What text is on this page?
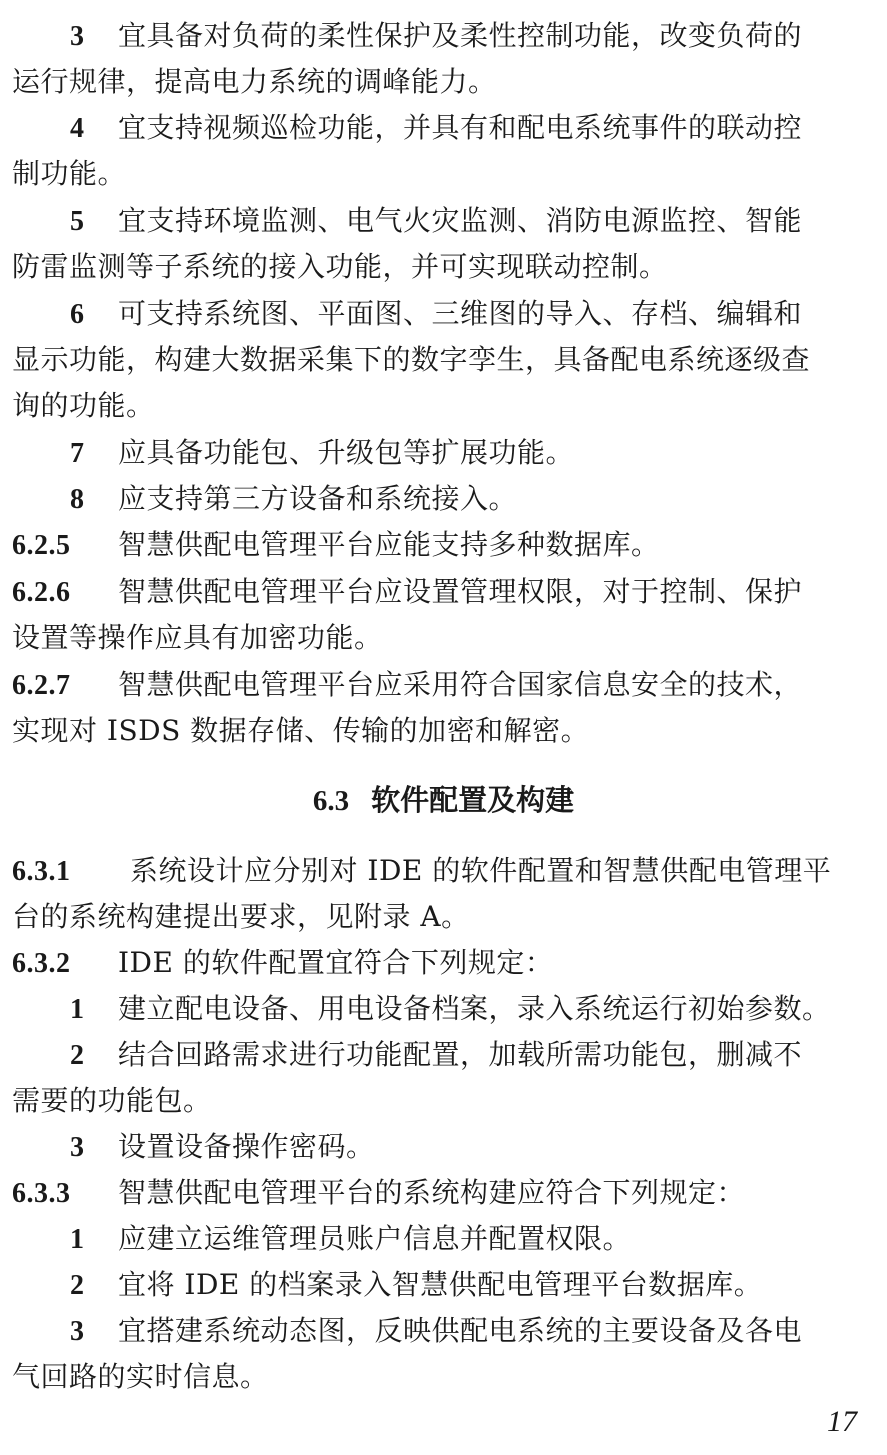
3 宜具备对负荷的柔性保护及柔性控制功能，改变负荷的
运行规律，提高电力系统的调峰能力。
4 宜支持视频巡检功能，并具有和配电系统事件的联动控
制功能。
5 宜支持环境监测、电气火灾监测、消防电源监控、智能
防雷监测等子系统的接入功能，并可实现联动控制。
6 可支持系统图、平面图、三维图的导入、存档、编辑和
显示功能，构建大数据采集下的数字孪生，具备配电系统逐级查
询的功能。
7 应具备功能包、升级包等扩展功能。
8 应支持第三方设备和系统接入。
6.2.5 智慧供配电管理平台应能支持多种数据库。
6.2.6 智慧供配电管理平台应设置管理权限，对于控制、保护
设置等操作应具有加密功能。
6.2.7 智慧供配电管理平台应采用符合国家信息安全的技术，
实现对 ISDS 数据存储、传输的加密和解密。
6.3 软件配置及构建
6.3.1 系统设计应分别对 IDE 的软件配置和智慧供配电管理平
台的系统构建提出要求，见附录 A。
6.3.2 IDE 的软件配置宜符合下列规定：
1 建立配电设备、用电设备档案，录入系统运行初始参数。
2 结合回路需求进行功能配置，加载所需功能包，删减不
需要的功能包。
3 设置设备操作密码。
6.3.3 智慧供配电管理平台的系统构建应符合下列规定：
1 应建立运维管理员账户信息并配置权限。
2 宜将 IDE 的档案录入智慧供配电管理平台数据库。
3 宜搭建系统动态图，反映供配电系统的主要设备及各电
气回路的实时信息。
17
